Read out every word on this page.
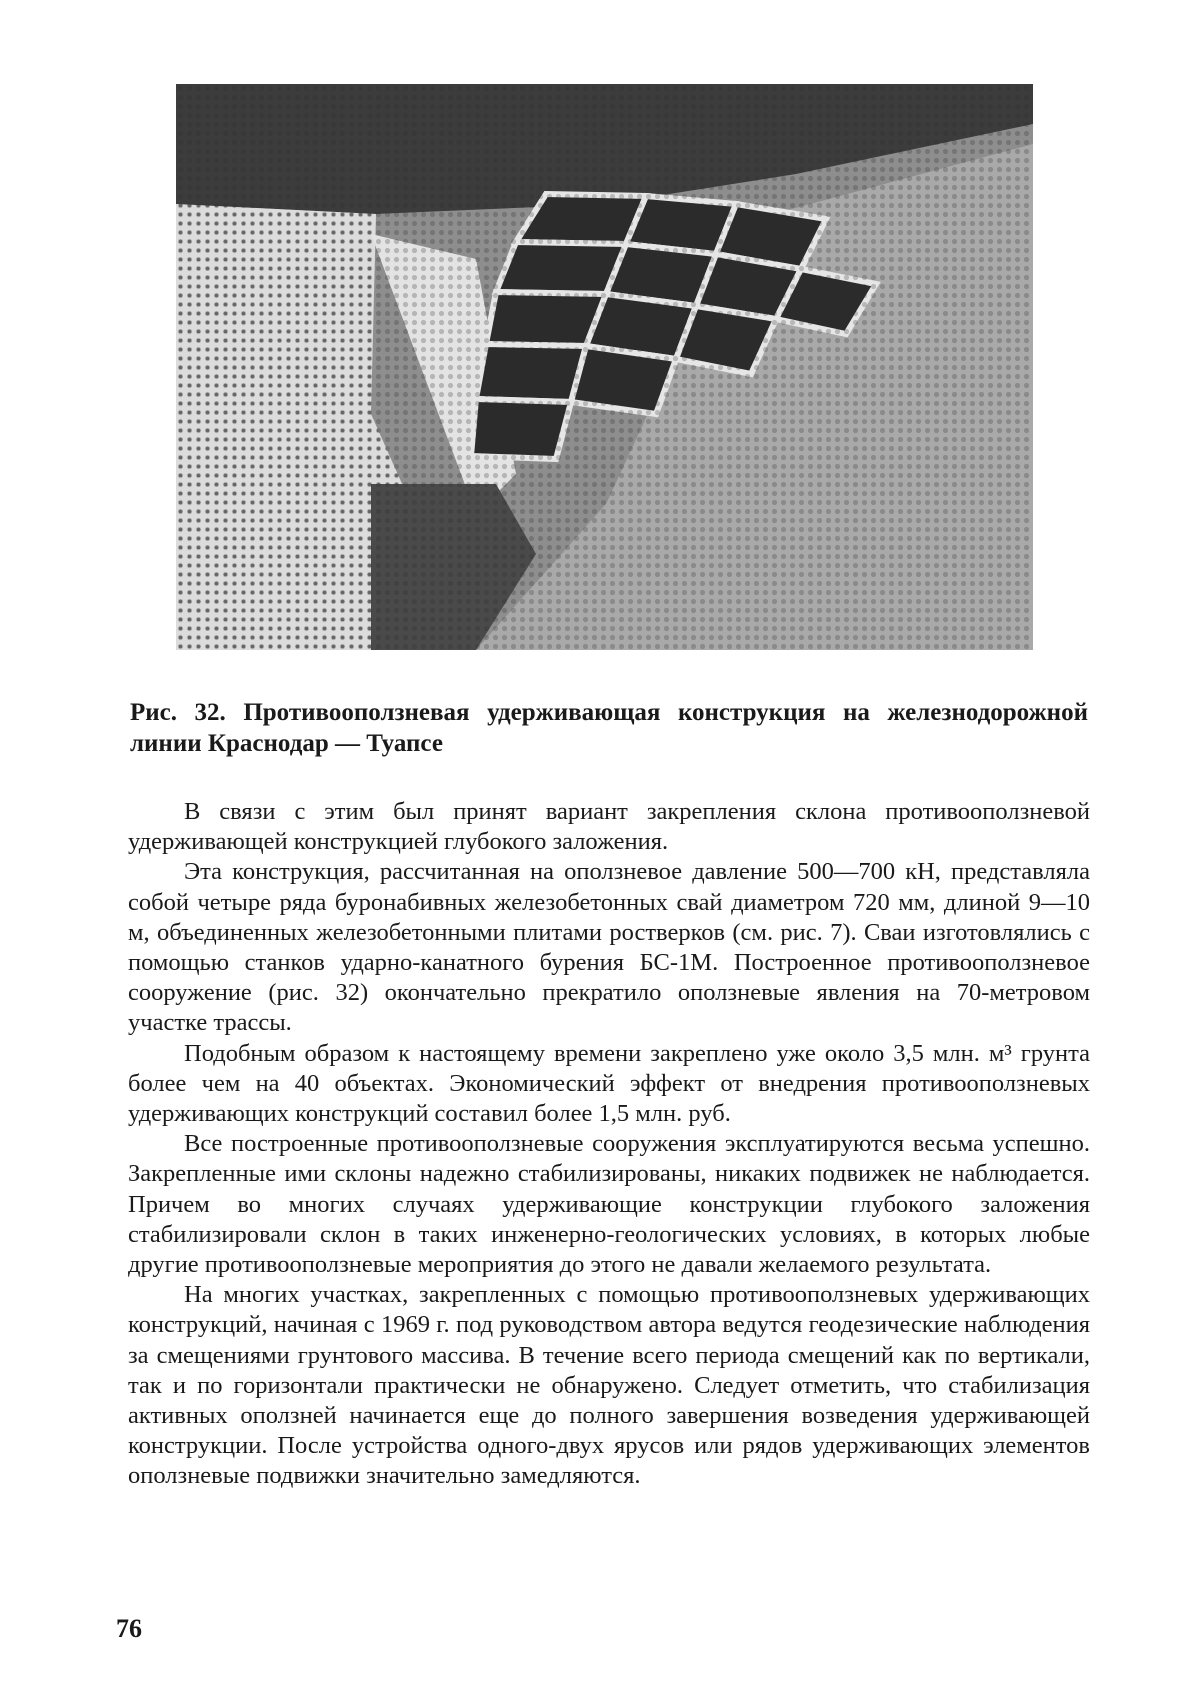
Рис. 32. Противооползневая удерживающая конструкция на железнодорожной линии Краснодар — Туапсе

В связи с этим был принят вариант закрепления склона противооползневой удерживающей конструкцией глубокого заложения.

Эта конструкция, рассчитанная на оползневое давление 500—700 кН, представляла собой четыре ряда буронабивных железобетонных свай диаметром 720 мм, длиной 9—10 м, объединенных железобетонными плитами ростверков (см. рис. 7). Сваи изготовлялись с помощью станков ударно-канатного бурения БС-1М. Построенное противооползневое сооружение (рис. 32) окончательно прекратило оползневые явления на 70-метровом участке трассы.

Подобным образом к настоящему времени закреплено уже около 3,5 млн. м³ грунта более чем на 40 объектах. Экономический эффект от внедрения противооползневых удерживающих конструкций составил более 1,5 млн. руб.

Все построенные противооползневые сооружения эксплуатируются весьма успешно. Закрепленные ими склоны надежно стабилизированы, никаких подвижек не наблюдается. Причем во многих случаях удерживающие конструкции глубокого заложения стабилизировали склон в таких инженерно-геологических условиях, в которых любые другие противооползневые мероприятия до этого не давали желаемого результата.

На многих участках, закрепленных с помощью противооползневых удерживающих конструкций, начиная с 1969 г. под руководством автора ведутся геодезические наблюдения за смещениями грунтового массива. В течение всего периода смещений как по вертикали, так и по горизонтали практически не обнаружено. Следует отметить, что стабилизация активных оползней начинается еще до полного завершения возведения удерживающей конструкции. После устройства одного-двух ярусов или рядов удерживающих элементов оползневые подвижки значительно замедляются.

76
